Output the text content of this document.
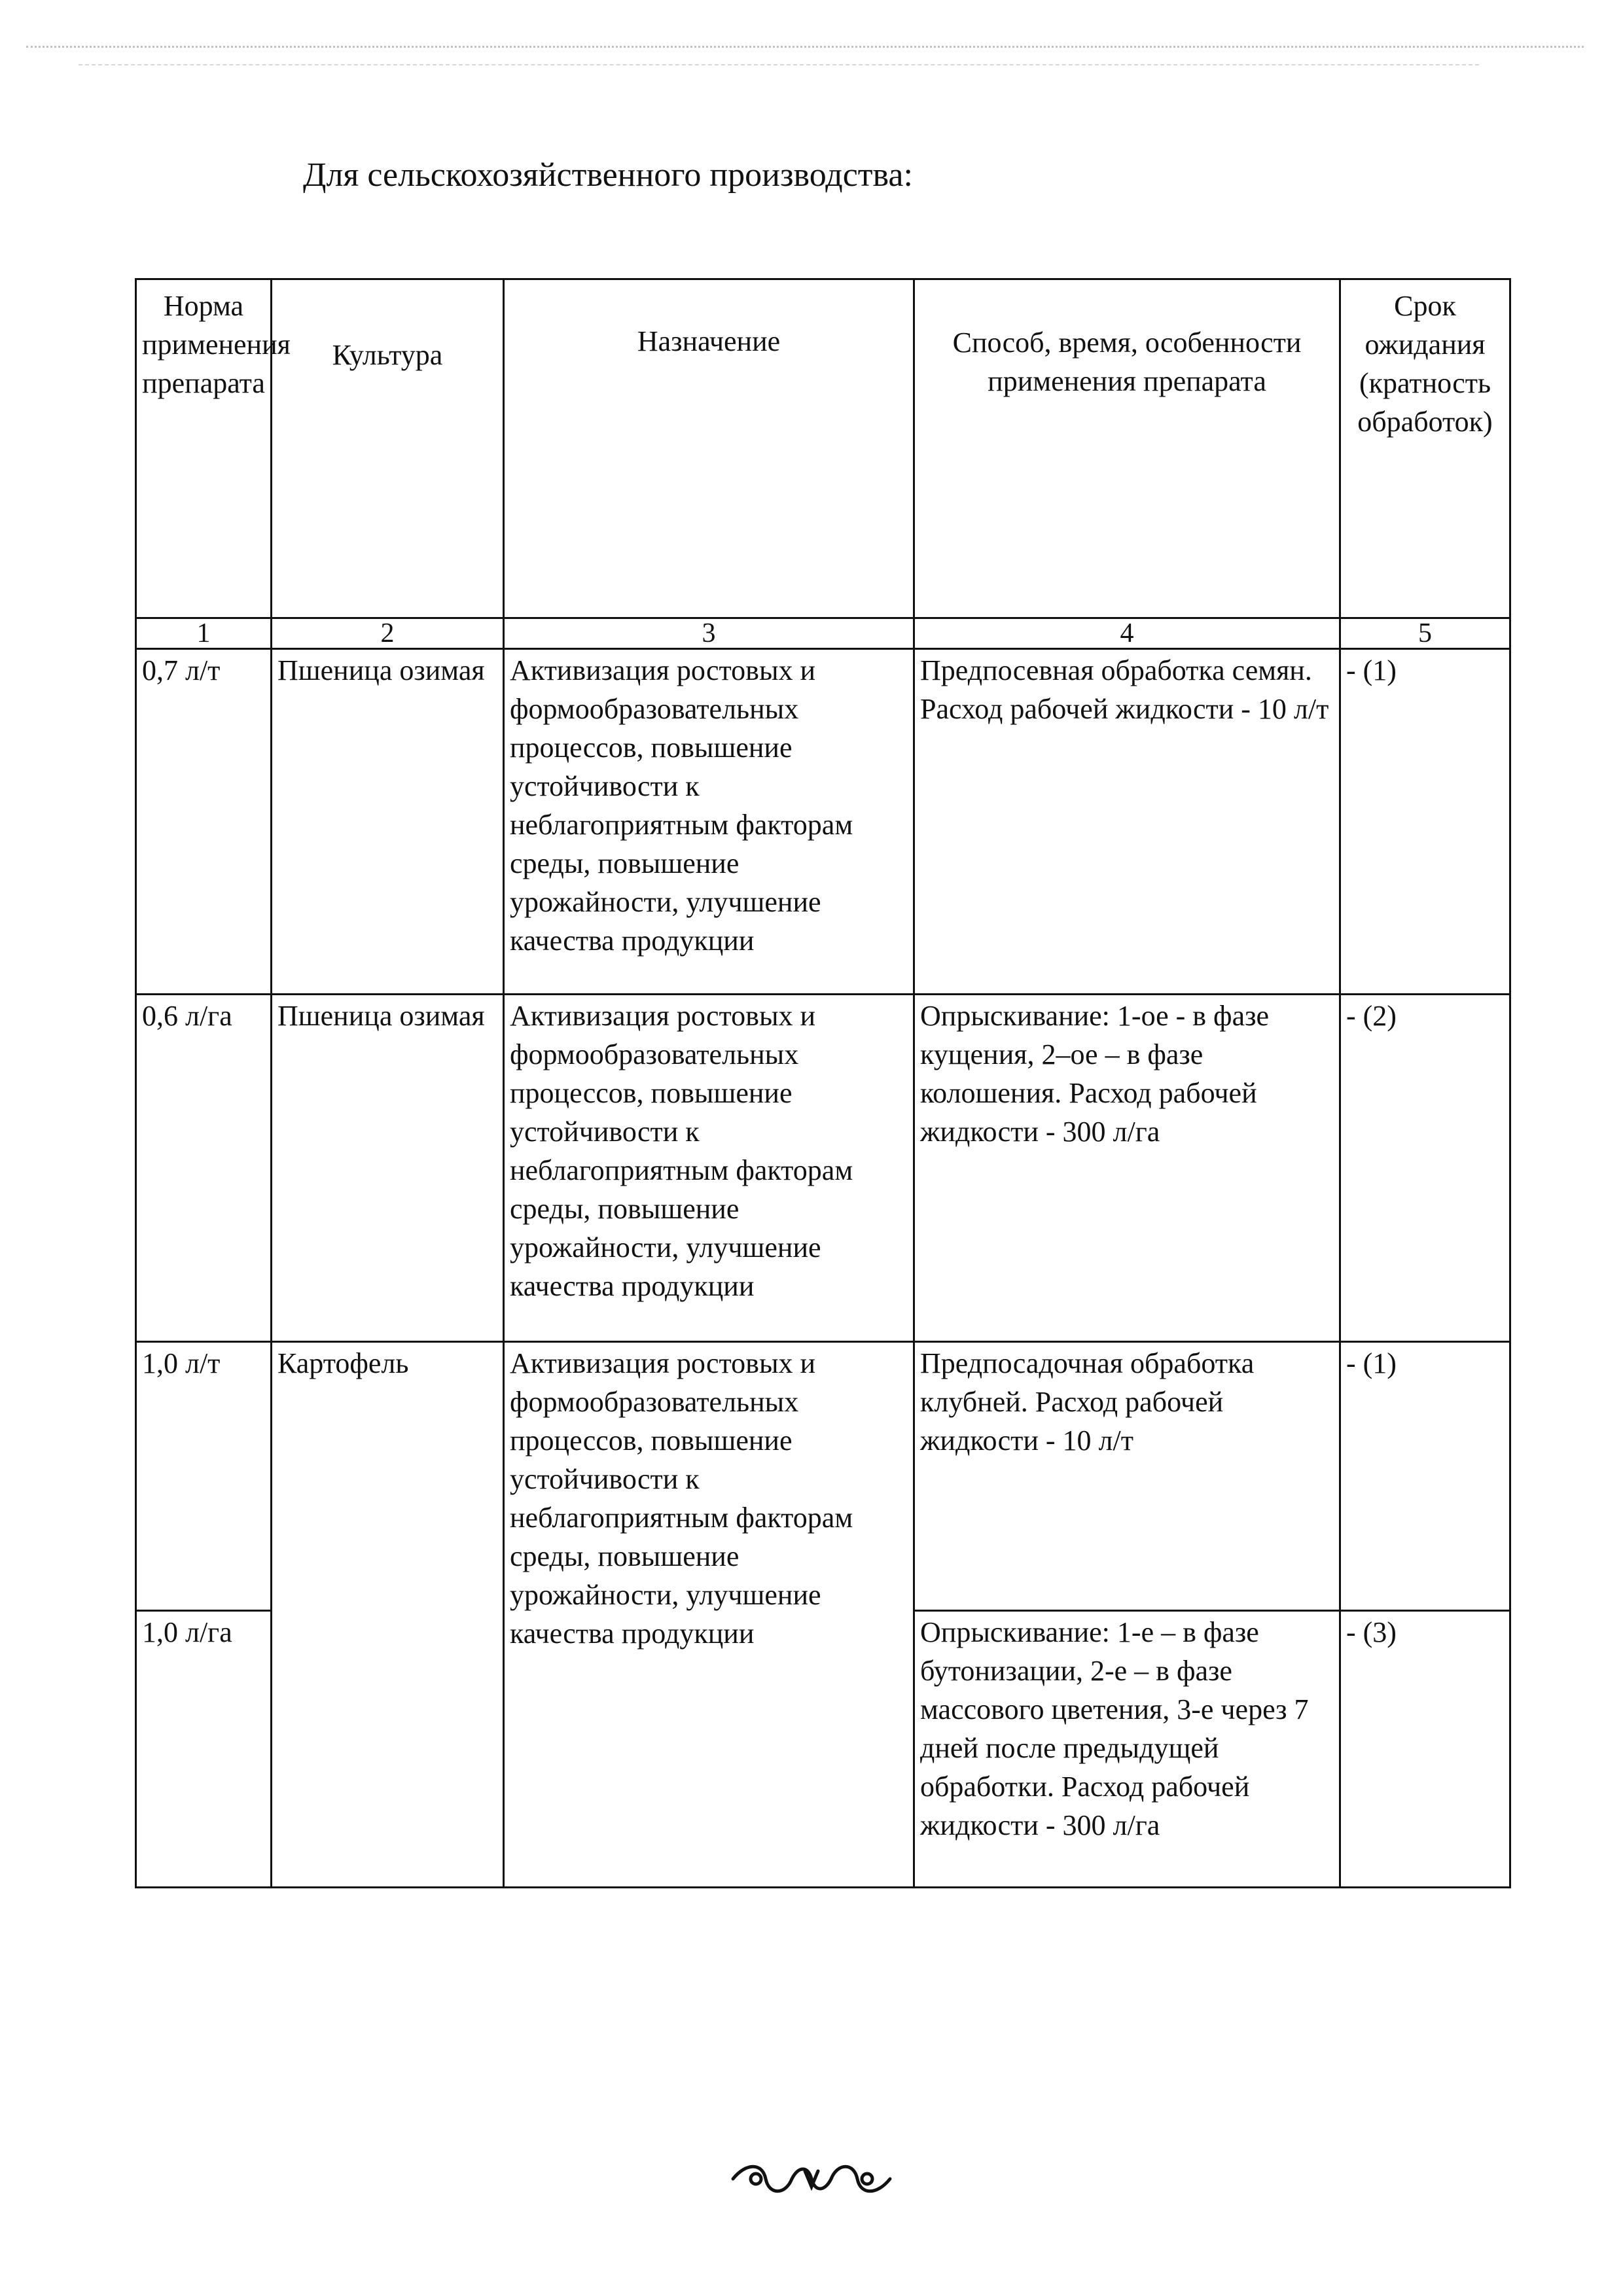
Для сельскохозяйственного производства:
Норма применения препарата	Культура	Назначение	Способ, время, особенности применения препарата	Срок ожидания (кратность обработок)
1	2	3	4	5

0,7 л/т	Пшеница озимая	Активизация ростовых и формообразовательных процессов, повышение устойчивости к неблагоприятным факторам среды, повышение урожайности, улучшение качества продукции	Предпосевная обработка семян. Расход рабочей жидкости - 10 л/т	- (1)

0,6 л/га	Пшеница озимая	Активизация ростовых и формообразовательных процессов, повышение устойчивости к неблагоприятным факторам среды, повышение урожайности, улучшение качества продукции	Опрыскивание: 1-ое - в фазе кущения, 2–ое – в фазе колошения. Расход рабочей жидкости - 300 л/га	- (2)

1,0 л/т	Картофель	Активизация ростовых и формообразовательных процессов, повышение устойчивости к неблагоприятным факторам среды, повышение урожайности, улучшение качества продукции	Предпосадочная обработка клубней. Расход рабочей жидкости - 10 л/т	- (1)

1,0 л/га			Опрыскивание: 1-е – в фазе бутонизации, 2-е – в фазе массового цветения, 3-е через 7 дней после предыдущей обработки. Расход рабочей жидкости - 300 л/га	- (3)
